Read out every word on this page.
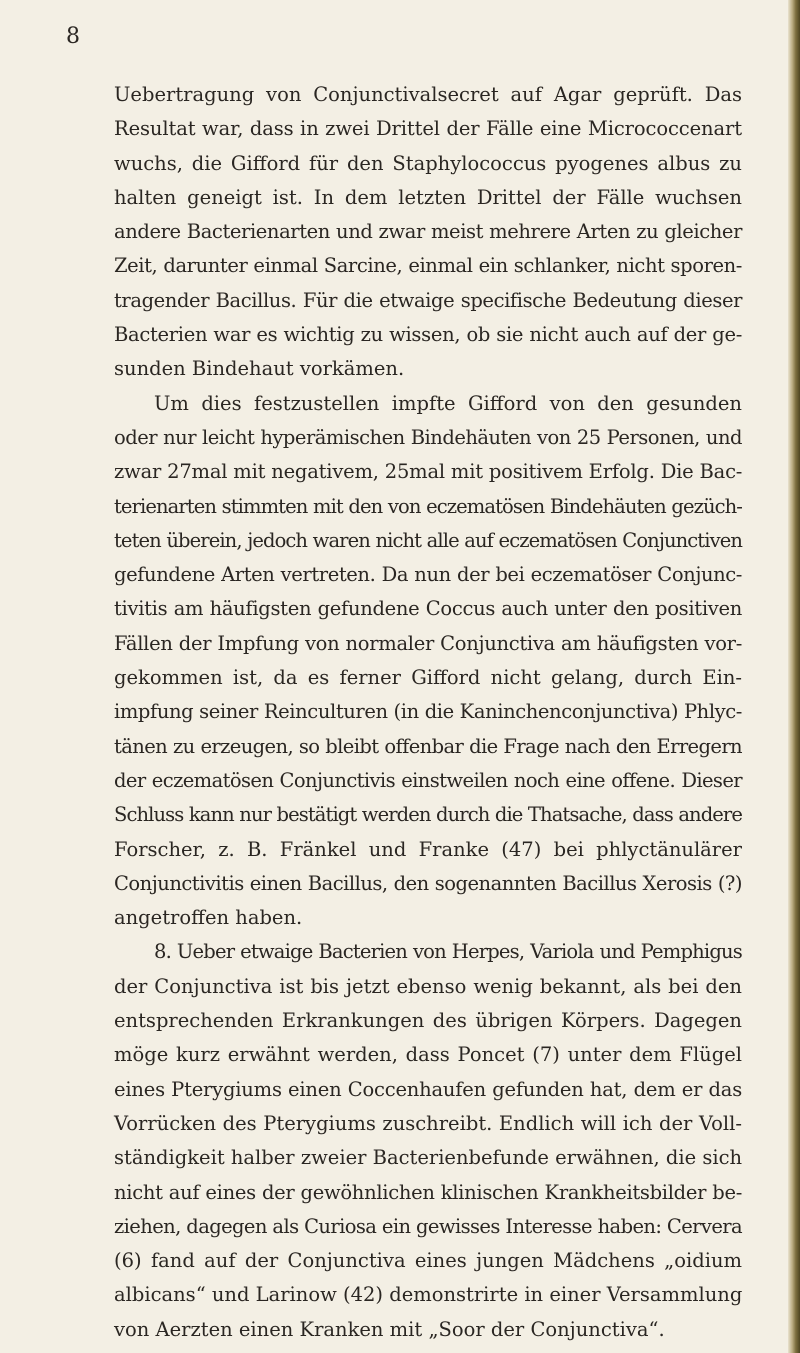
8
Uebertragung von Conjunctivalsecret auf Agar geprüft. Das
Resultat war, dass in zwei Drittel der Fälle eine Micrococcenart
wuchs, die Gifford für den Staphylococcus pyogenes albus zu
halten geneigt ist. In dem letzten Drittel der Fälle wuchsen
andere Bacterienarten und zwar meist mehrere Arten zu gleicher
Zeit, darunter einmal Sarcine, einmal ein schlanker, nicht sporen-
tragender Bacillus. Für die etwaige specifische Bedeutung dieser
Bacterien war es wichtig zu wissen, ob sie nicht auch auf der ge-
sunden Bindehaut vorkämen.
Um dies festzustellen impfte Gifford von den gesunden
oder nur leicht hyperämischen Bindehäuten von 25 Personen, und
zwar 27mal mit negativem, 25mal mit positivem Erfolg. Die Bac-
terienarten stimmten mit den von eczematösen Bindehäuten gezüch-
teten überein, jedoch waren nicht alle auf eczematösen Conjunctiven
gefundene Arten vertreten. Da nun der bei eczematöser Conjunc-
tivitis am häufigsten gefundene Coccus auch unter den positiven
Fällen der Impfung von normaler Conjunctiva am häufigsten vor-
gekommen ist, da es ferner Gifford nicht gelang, durch Ein-
impfung seiner Reinculturen (in die Kaninchenconjunctiva) Phlyc-
tänen zu erzeugen, so bleibt offenbar die Frage nach den Erregern
der eczematösen Conjunctivis einstweilen noch eine offene. Dieser
Schluss kann nur bestätigt werden durch die Thatsache, dass andere
Forscher, z. B. Fränkel und Franke (47) bei phlyctänulärer
Conjunctivitis einen Bacillus, den sogenannten Bacillus Xerosis (?)
angetroffen haben.
8. Ueber etwaige Bacterien von Herpes, Variola und Pemphigus
der Conjunctiva ist bis jetzt ebenso wenig bekannt, als bei den
entsprechenden Erkrankungen des übrigen Körpers. Dagegen
möge kurz erwähnt werden, dass Poncet (7) unter dem Flügel
eines Pterygiums einen Coccenhaufen gefunden hat, dem er das
Vorrücken des Pterygiums zuschreibt. Endlich will ich der Voll-
ständigkeit halber zweier Bacterienbefunde erwähnen, die sich
nicht auf eines der gewöhnlichen klinischen Krankheitsbilder be-
ziehen, dagegen als Curiosa ein gewisses Interesse haben: Cervera
(6) fand auf der Conjunctiva eines jungen Mädchens „oidium
albicans“ und Larinow (42) demonstrirte in einer Versammlung
von Aerzten einen Kranken mit „Soor der Conjunctiva“.
